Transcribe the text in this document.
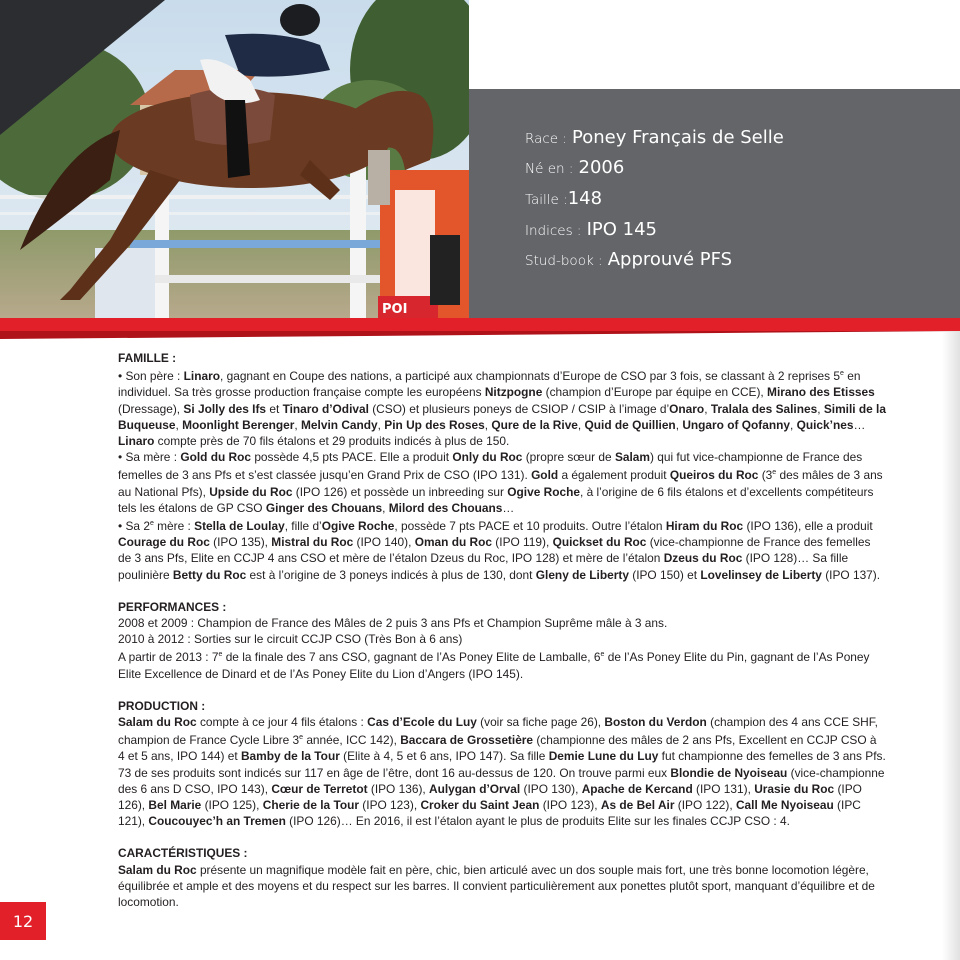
POI
Race : Poney Français de Selle
Né en : 2006
Taille :148
Indices : IPO 145
Stud-book : Approuvé PFS

FAMILLE :

• Son père : Linaro, gagnant en Coupe des nations, a participé aux championnats d’Europe de CSO par 3 fois, se classant à 2 reprises 5e en individuel. Sa très grosse production française compte les européens Nitzpogne (champion d’Europe par équipe en CCE), Mirano des Etisses (Dressage), Si Jolly des Ifs et Tinaro d’Odival (CSO) et plusieurs poneys de CSIOP / CSIP à l’image d’Onaro, Tralala des Salines, Simili de la Buqueuse, Moonlight Berenger, Melvin Candy, Pin Up des Roses, Qure de la Rive, Quid de Quillien, Ungaro of Qofanny, Quick’nes… Linaro compte près de 70 fils étalons et 29 produits indicés à plus de 150.

• Sa mère : Gold du Roc possède 4,5 pts PACE. Elle a produit Only du Roc (propre sœur de Salam) qui fut vice-championne de France des femelles de 3 ans Pfs et s’est classée jusqu’en Grand Prix de CSO (IPO 131). Gold a également produit Queiros du Roc (3e des mâles de 3 ans au National Pfs), Upside du Roc (IPO 126) et possède un inbreeding sur Ogive Roche, à l’origine de 6 fils étalons et d’excellents compétiteurs tels les étalons de GP CSO Ginger des Chouans, Milord des Chouans…

• Sa 2e mère : Stella de Loulay, fille d’Ogive Roche, possède 7 pts PACE et 10 produits. Outre l’étalon Hiram du Roc (IPO 136), elle a produit Courage du Roc (IPO 135), Mistral du Roc (IPO 140), Oman du Roc (IPO 119), Quickset du Roc (vice-championne de France des femelles de 3 ans Pfs, Elite en CCJP 4 ans CSO et mère de l’étalon Dzeus du Roc, IPO 128) et mère de l’étalon Dzeus du Roc (IPO 128)… Sa fille poulinière Betty du Roc est à l’origine de 3 poneys indicés à plus de 130, dont Gleny de Liberty (IPO 150) et Lovelinsey de Liberty (IPO 137).

PERFORMANCES :

2008 et 2009 : Champion de France des Mâles de 2 puis 3 ans Pfs et Champion Suprême mâle à 3 ans.

2010 à 2012 : Sorties sur le circuit CCJP CSO (Très Bon à 6 ans)

A partir de 2013 : 7e de la finale des 7 ans CSO, gagnant de l’As Poney Elite de Lamballe, 6e de l’As Poney Elite du Pin, gagnant de l’As Poney Elite Excellence de Dinard et de l’As Poney Elite du Lion d’Angers (IPO 145).

PRODUCTION :

Salam du Roc compte à ce jour 4 fils étalons : Cas d’Ecole du Luy (voir sa fiche page 26), Boston du Verdon (champion des 4 ans CCE SHF, champion de France Cycle Libre 3e année, ICC 142), Baccara de Grossetière (championne des mâles de 2 ans Pfs, Excellent en CCJP CSO à 4 et 5 ans, IPO 144) et Bamby de la Tour (Elite à 4, 5 et 6 ans, IPO 147). Sa fille Demie Lune du Luy fut championne des femelles de 3 ans Pfs.

73 de ses produits sont indicés sur 117 en âge de l’être, dont 16 au-dessus de 120. On trouve parmi eux Blondie de Nyoiseau (vice-championne des 6 ans D CSO, IPO 143), Cœur de Terretot (IPO 136), Aulygan d’Orval (IPO 130), Apache de Kercand (IPO 131), Urasie du Roc (IPO 126), Bel Marie (IPO 125), Cherie de la Tour (IPO 123), Croker du Saint Jean (IPO 123), As de Bel Air (IPO 122), Call Me Nyoiseau (IPC 121), Coucouyec’h an Tremen (IPO 126)… En 2016, il est l’étalon ayant le plus de produits Elite sur les finales CCJP CSO : 4.

CARACTÉRISTIQUES :

Salam du Roc présente un magnifique modèle fait en père, chic, bien articulé avec un dos souple mais fort, une très bonne locomotion légère, équilibrée et ample et des moyens et du respect sur les barres. Il convient particulièrement aux ponettes plutôt sport, manquant d’équilibre et de locomotion.

12
